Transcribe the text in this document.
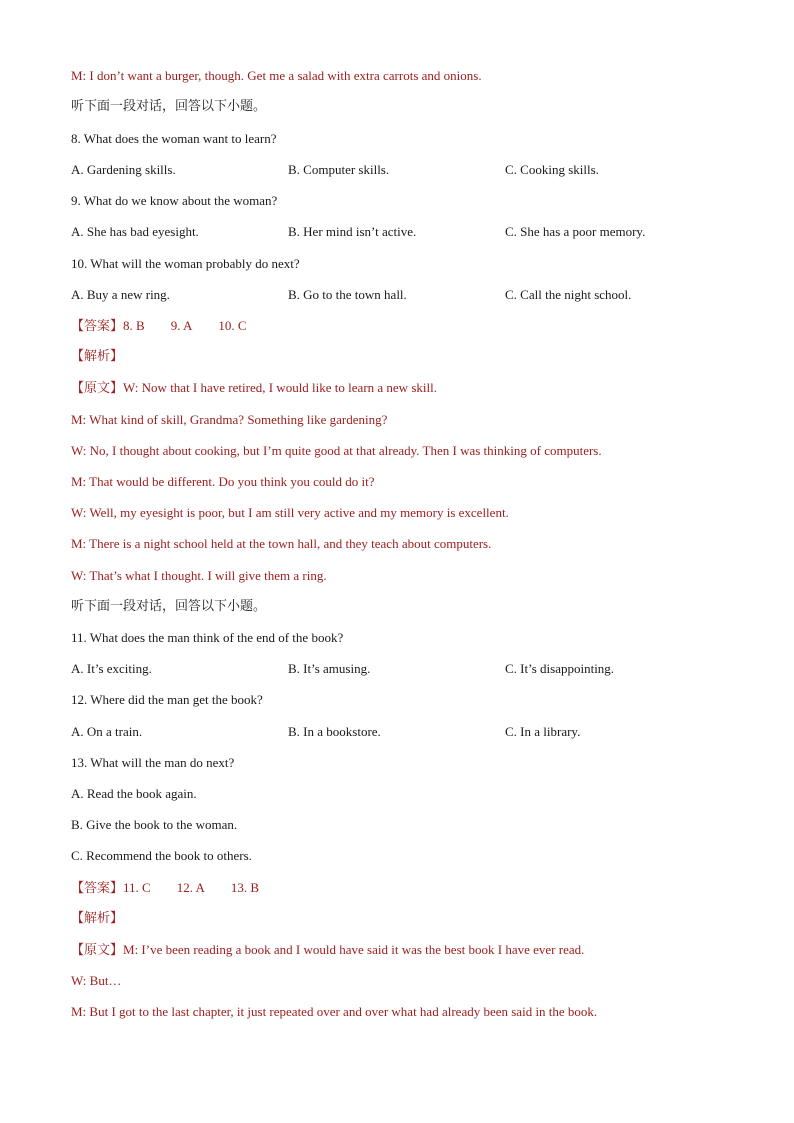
M: I don’t want a burger, though. Get me a salad with extra carrots and onions.
听下面一段对话，回答以下小题。
8. What does the woman want to learn?
A. Gardening skills.	B. Computer skills.	C. Cooking skills.
9. What do we know about the woman?
A. She has bad eyesight.	B. Her mind isn’t active.	C. She has a poor memory.
10. What will the woman probably do next?
A. Buy a new ring.	B. Go to the town hall.	C. Call the night school.
【答案】8. B 9. A 10. C
【解析】
【原文】W: Now that I have retired, I would like to learn a new skill.
M: What kind of skill, Grandma? Something like gardening?
W: No, I thought about cooking, but I’m quite good at that already. Then I was thinking of computers.
M: That would be different. Do you think you could do it?
W: Well, my eyesight is poor, but I am still very active and my memory is excellent.
M: There is a night school held at the town hall, and they teach about computers.
W: That’s what I thought. I will give them a ring.
听下面一段对话，回答以下小题。
11. What does the man think of the end of the book?
A. It’s exciting.	B. It’s amusing.	C. It’s disappointing.
12. Where did the man get the book?
A. On a train.	B. In a bookstore.	C. In a library.
13. What will the man do next?
A. Read the book again.
B. Give the book to the woman.
C. Recommend the book to others.
【答案】11. C 12. A 13. B
【解析】
【原文】M: I’ve been reading a book and I would have said it was the best book I have ever read.
W: But…
M: But I got to the last chapter, it just repeated over and over what had already been said in the book.
